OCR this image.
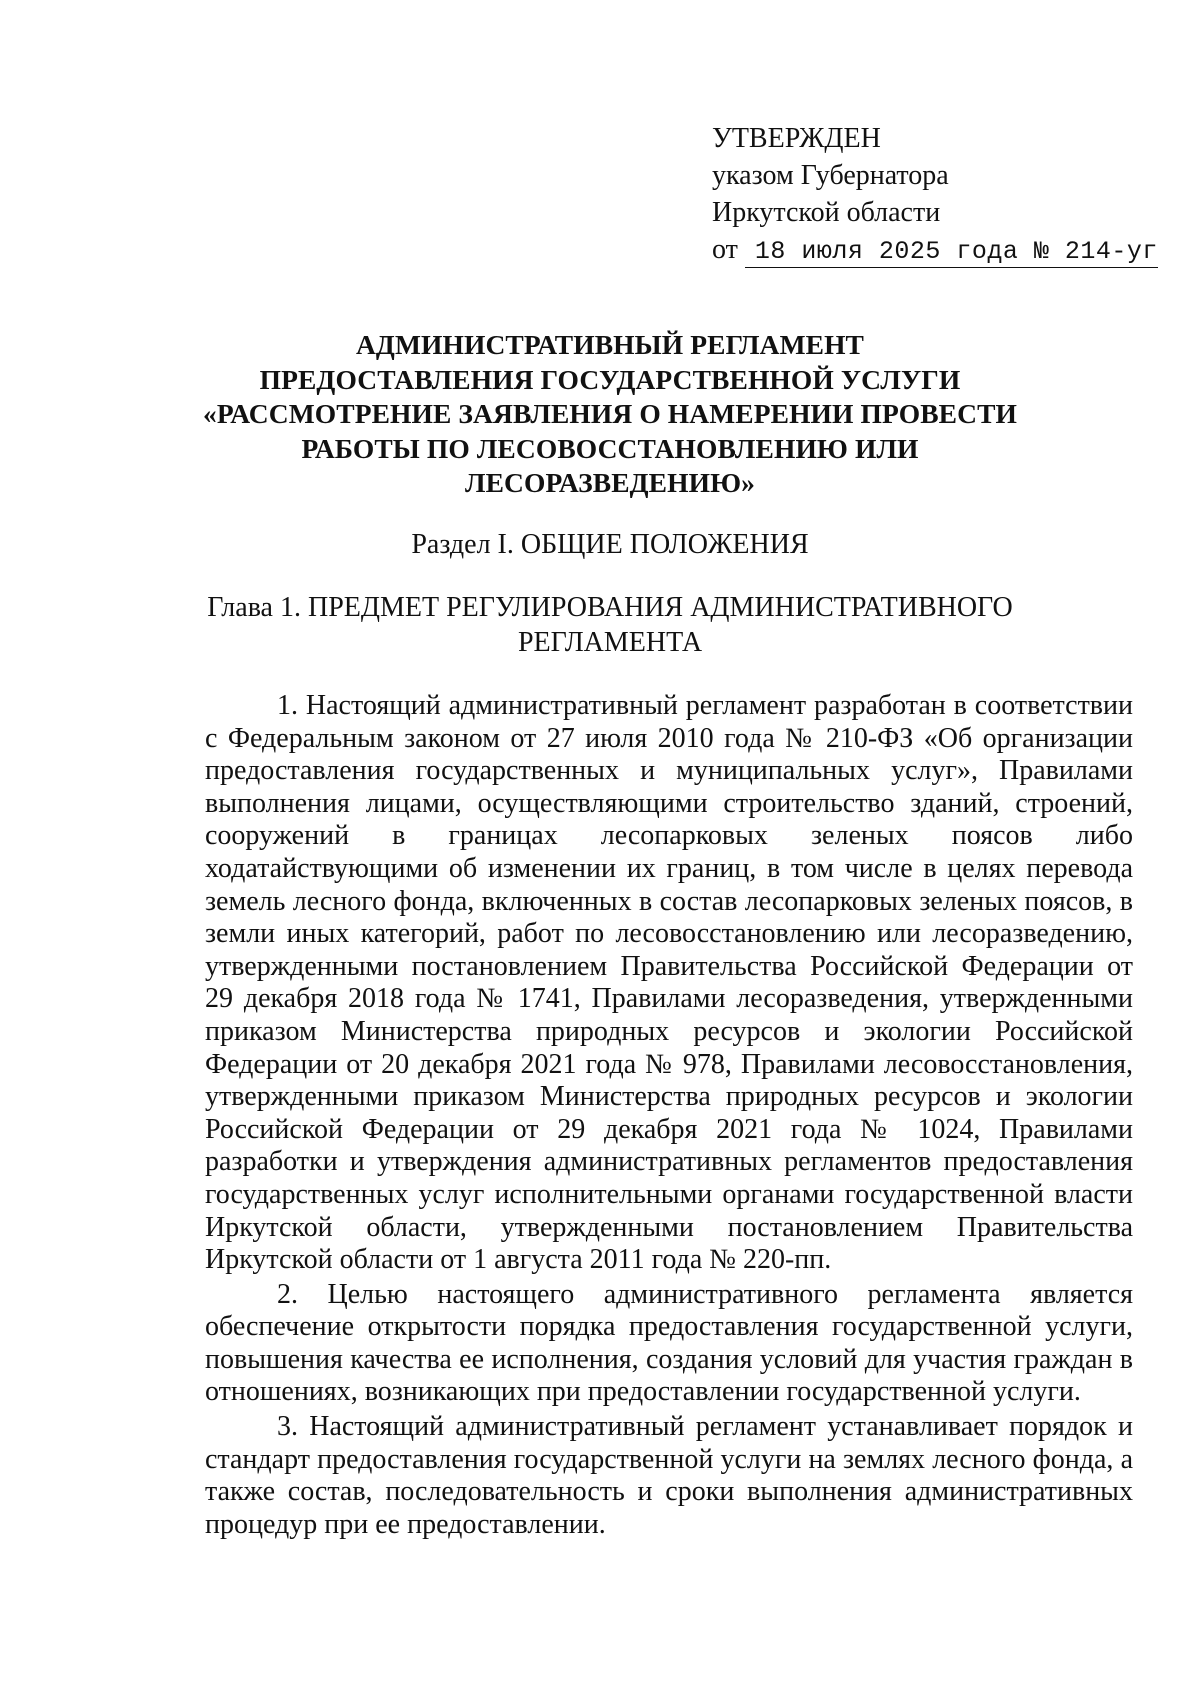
УТВЕРЖДЕН
указом Губернатора
Иркутской области
от 18 июля 2025 года № 214-уг
АДМИНИСТРАТИВНЫЙ РЕГЛАМЕНТ
ПРЕДОСТАВЛЕНИЯ ГОСУДАРСТВЕННОЙ УСЛУГИ
«РАССМОТРЕНИЕ ЗАЯВЛЕНИЯ О НАМЕРЕНИИ ПРОВЕСТИ
РАБОТЫ ПО ЛЕСОВОССТАНОВЛЕНИЮ ИЛИ
ЛЕСОРАЗВЕДЕНИЮ»
Раздел I. ОБЩИЕ ПОЛОЖЕНИЯ
Глава 1. ПРЕДМЕТ РЕГУЛИРОВАНИЯ АДМИНИСТРАТИВНОГО
РЕГЛАМЕНТА

1. Настоящий административный регламент разработан в соответствии с Федеральным законом от 27 июля 2010 года № 210-ФЗ «Об организации предоставления государственных и муниципальных услуг», Правилами выполнения лицами, осуществляющими строительство зданий, строений, сооружений в границах лесопарковых зеленых поясов либо ходатайствующими об изменении их границ, в том числе в целях перевода земель лесного фонда, включенных в состав лесопарковых зеленых поясов, в земли иных категорий, работ по лесовосстановлению или лесоразведению, утвержденными постановлением Правительства Российской Федерации от 29 декабря 2018 года № 1741, Правилами лесоразведения, утвержденными приказом Министерства природных ресурсов и экологии Российской Федерации от 20 декабря 2021 года № 978, Правилами лесовосстановления, утвержденными приказом Министерства природных ресурсов и экологии Российской Федерации от 29 декабря 2021 года № 1024, Правилами разработки и утверждения административных регламентов предоставления государственных услуг исполнительными органами государственной власти Иркутской области, утвержденными постановлением Правительства Иркутской области от 1 августа 2011 года № 220-пп.

2. Целью настоящего административного регламента является обеспечение открытости порядка предоставления государственной услуги, повышения качества ее исполнения, создания условий для участия граждан в отношениях, возникающих при предоставлении государственной услуги.

3. Настоящий административный регламент устанавливает порядок и стандарт предоставления государственной услуги на землях лесного фонда, а также состав, последовательность и сроки выполнения административных процедур при ее предоставлении.
